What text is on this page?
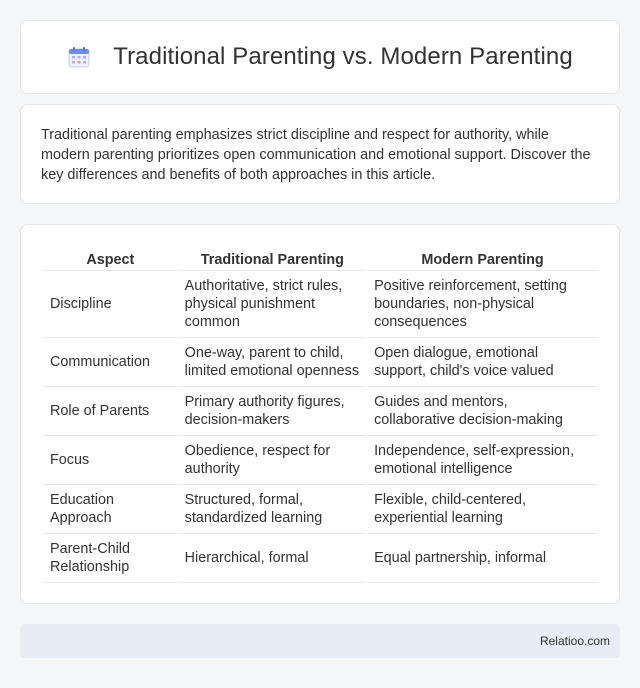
Traditional Parenting vs. Modern Parenting

Traditional parenting emphasizes strict discipline and respect for authority, while modern parenting prioritizes open communication and emotional support. Discover the key differences and benefits of both approaches in this article.

Aspect	Traditional Parenting	Modern Parenting
Discipline	Authoritative, strict rules, physical punishment common	Positive reinforcement, setting boundaries, non-physical consequences
Communication	One-way, parent to child, limited emotional openness	Open dialogue, emotional support, child's voice valued
Role of Parents	Primary authority figures, decision-makers	Guides and mentors, collaborative decision-making
Focus	Obedience, respect for authority	Independence, self-expression, emotional intelligence
Education Approach	Structured, formal, standardized learning	Flexible, child-centered, experiential learning
Parent-Child Relationship	Hierarchical, formal	Equal partnership, informal
Relatioo.com
